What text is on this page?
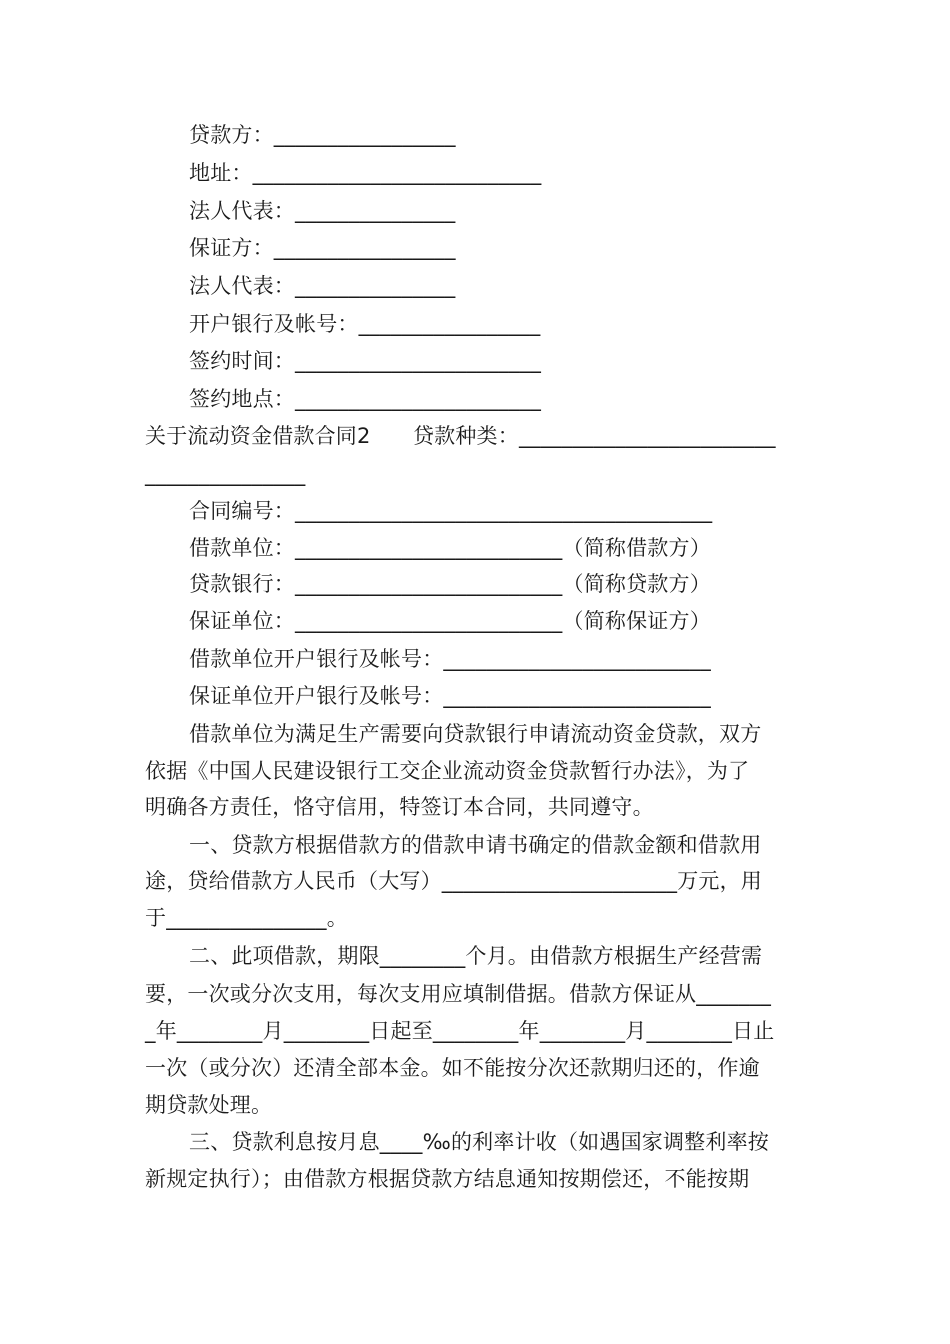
贷款方：_________________
地址：___________________________
法人代表：_______________
保证方：_________________
法人代表：_______________
开户银行及帐号：_________________
签约时间：_______________________
签约地点：_______________________
关于流动资金借款合同2　　贷款种类：________________________
_______________
合同编号：_______________________________________
借款单位：_________________________（简称借款方）
贷款银行：_________________________（简称贷款方）
保证单位：_________________________（简称保证方）
借款单位开户银行及帐号：_________________________
保证单位开户银行及帐号：_________________________
借款单位为满足生产需要向贷款银行申请流动资金贷款，双方
依据《中国人民建设银行工交企业流动资金贷款暂行办法》，为了
明确各方责任，恪守信用，特签订本合同，共同遵守。
一、贷款方根据借款方的借款申请书确定的借款金额和借款用
途，贷给借款方人民币（大写）______________________万元，用
于_______________。
二、此项借款，期限________个月。由借款方根据生产经营需
要，一次或分次支用，每次支用应填制借据。借款方保证从_______
_年________月________日起至________年________月________日止
一次（或分次）还清全部本金。如不能按分次还款期归还的，作逾
期贷款处理。
三、贷款利息按月息____‰的利率计收（如遇国家调整利率按
新规定执行）；由借款方根据贷款方结息通知按期偿还，不能按期
